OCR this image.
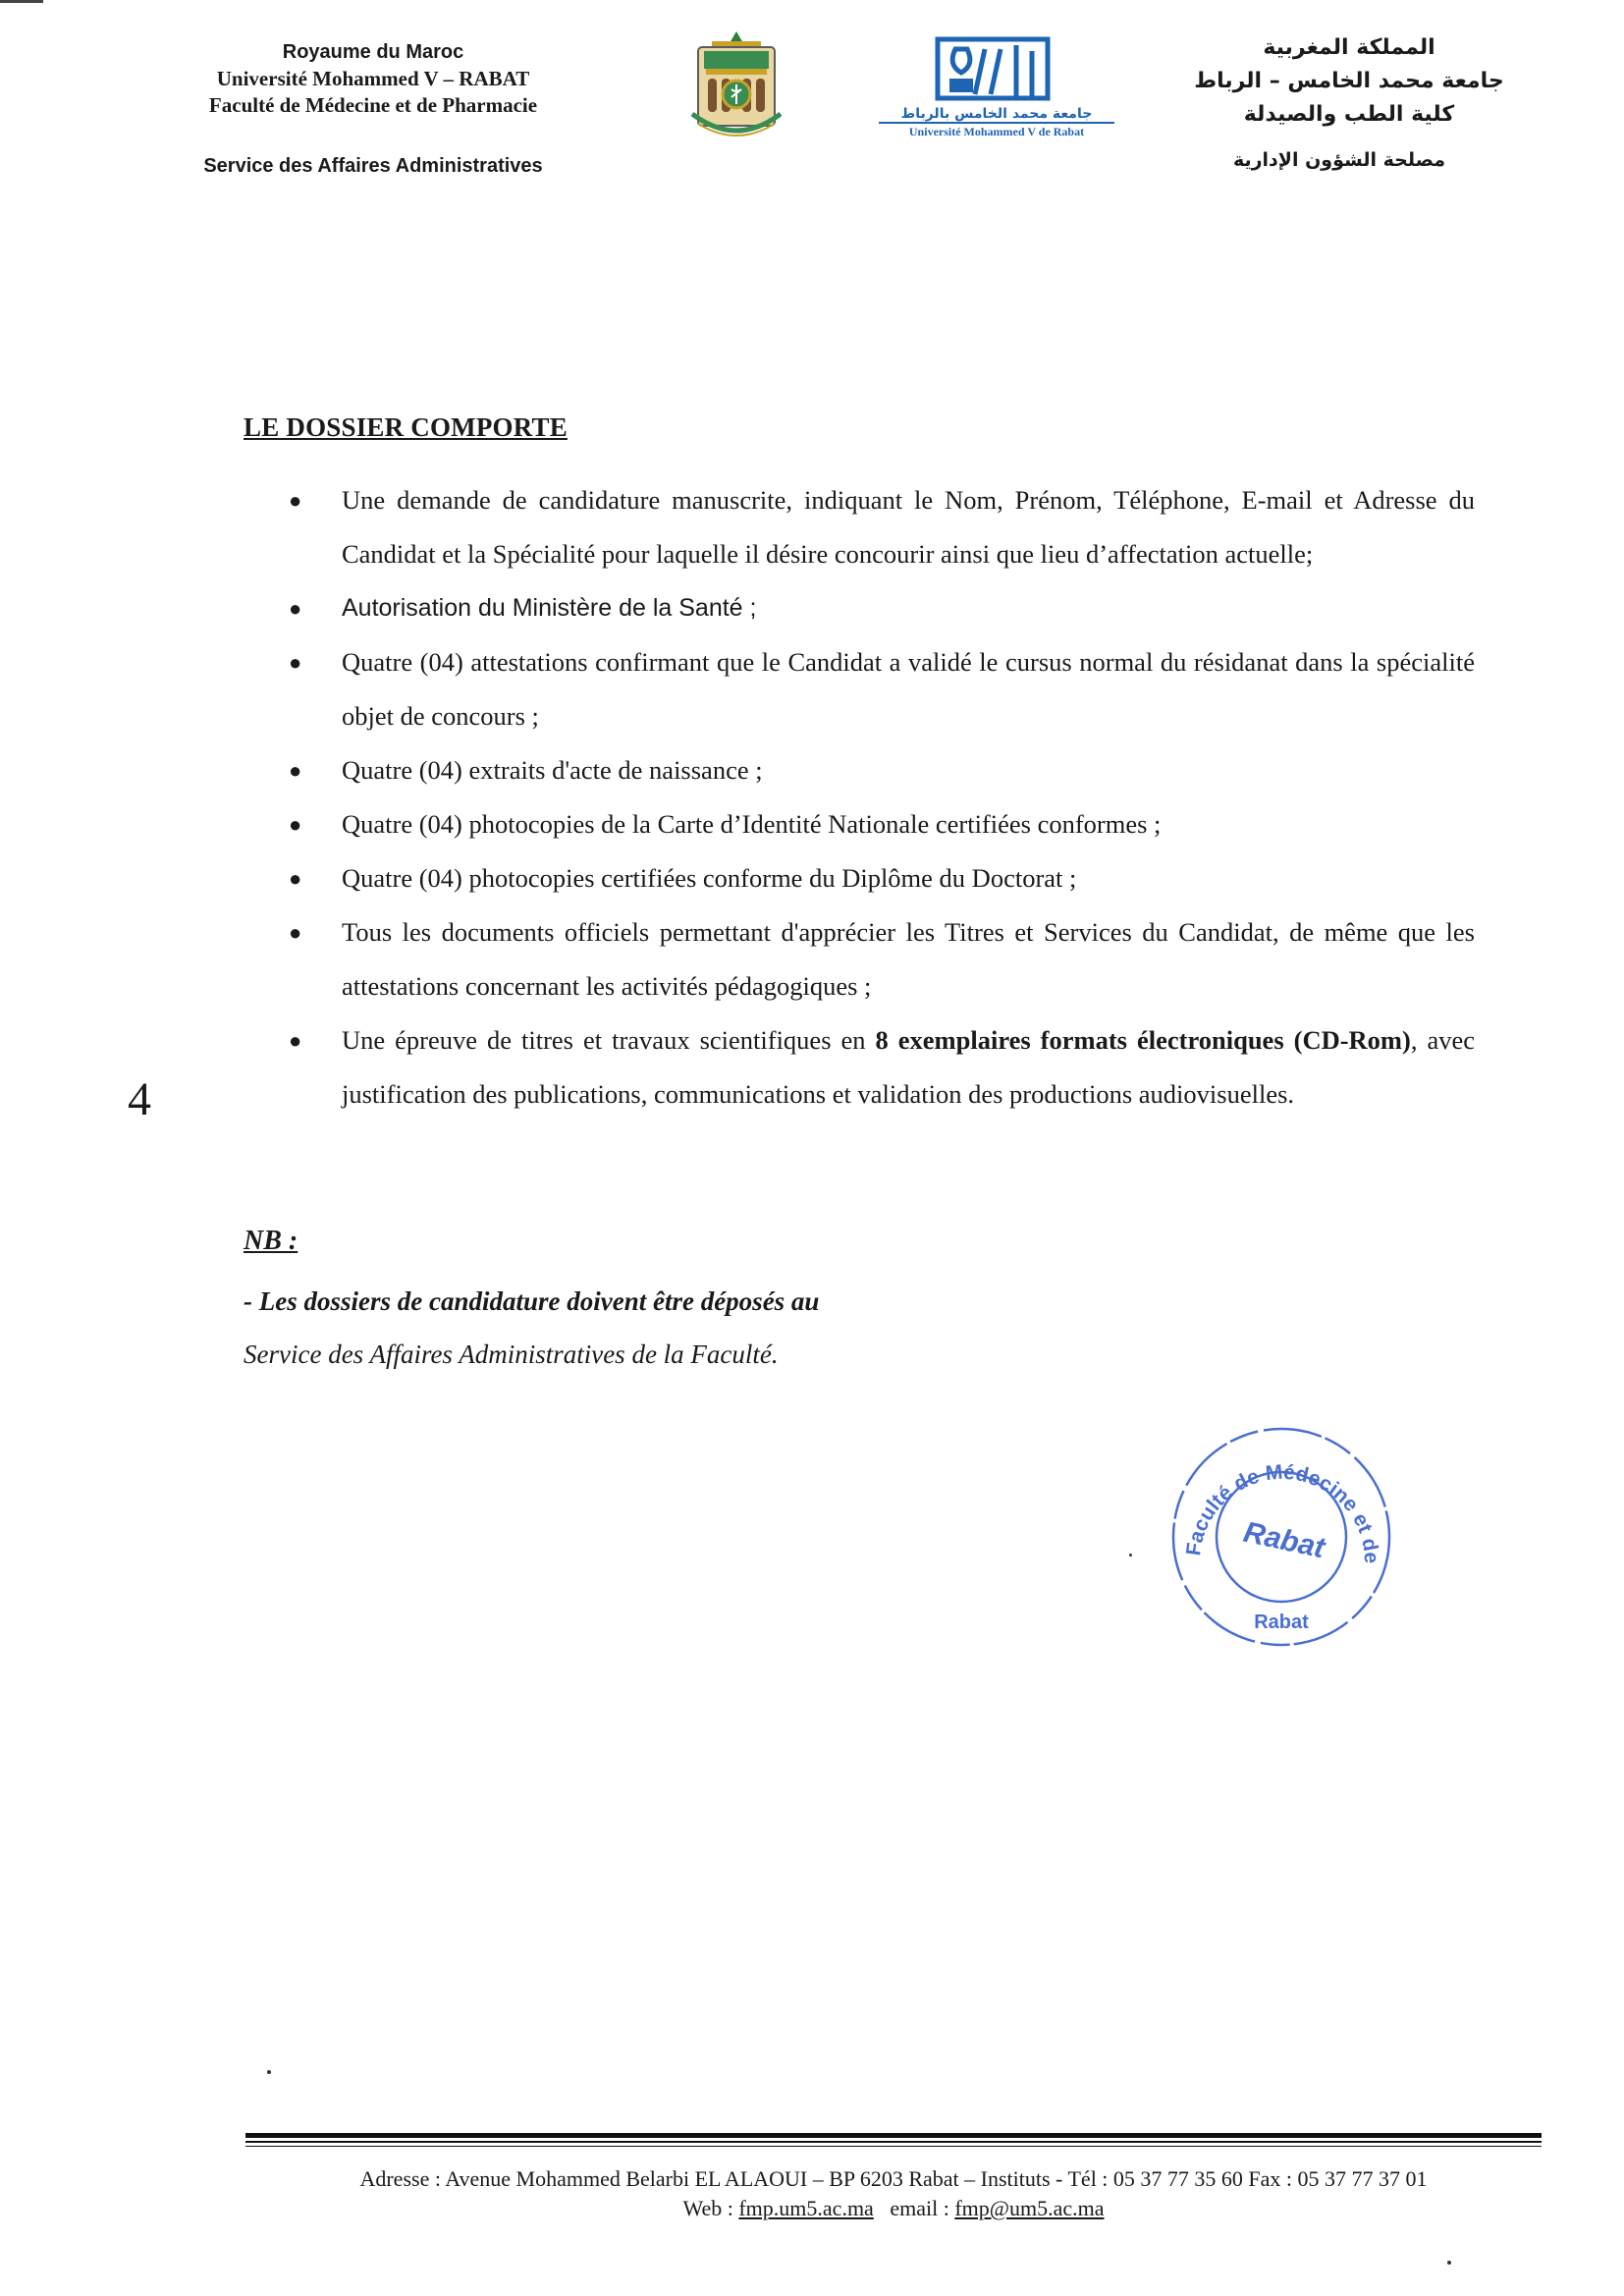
Royaume du Maroc
Université Mohammed V – RABAT
Faculté de Médecine et de Pharmacie
Service des Affaires Administratives
جامعة محمد الخامس بالرباط
Université Mohammed V de Rabat
المملكة المغربية
جامعة محمد الخامس – الرباط
كلية الطب والصيدلة
مصلحة الشؤون الإدارية
LE DOSSIER COMPORTE
● Une demande de candidature manuscrite, indiquant le Nom, Prénom, Téléphone, E-mail et Adresse du Candidat et la Spécialité pour laquelle il désire concourir ainsi que lieu d’affectation actuelle;
● Autorisation du Ministère de la Santé ;
● Quatre (04) attestations confirmant que le Candidat a validé le cursus normal du résidanat dans la spécialité objet de concours ;
● Quatre (04) extraits d'acte de naissance ;
● Quatre (04) photocopies de la Carte d’Identité Nationale certifiées conformes ;
● Quatre (04) photocopies certifiées conforme du Diplôme du Doctorat ;
● Tous les documents officiels permettant d'apprécier les Titres et Services du Candidat, de même que les attestations concernant les activités pédagogiques ;
● Une épreuve de titres et travaux scientifiques en 8 exemplaires formats électroniques (CD-Rom), avec justification des publications, communications et validation des productions audiovisuelles.
4
NB :
- Les dossiers de candidature doivent être déposés au
Service des Affaires Administratives de la Faculté.
Faculté de Médecine et de
Rabat
Rabat
Adresse : Avenue Mohammed Belarbi EL ALAOUI – BP 6203 Rabat – Instituts - Tél : 05 37 77 35 60 Fax : 05 37 77 37 01
Web : fmp.um5.ac.ma email : fmp@um5.ac.ma
